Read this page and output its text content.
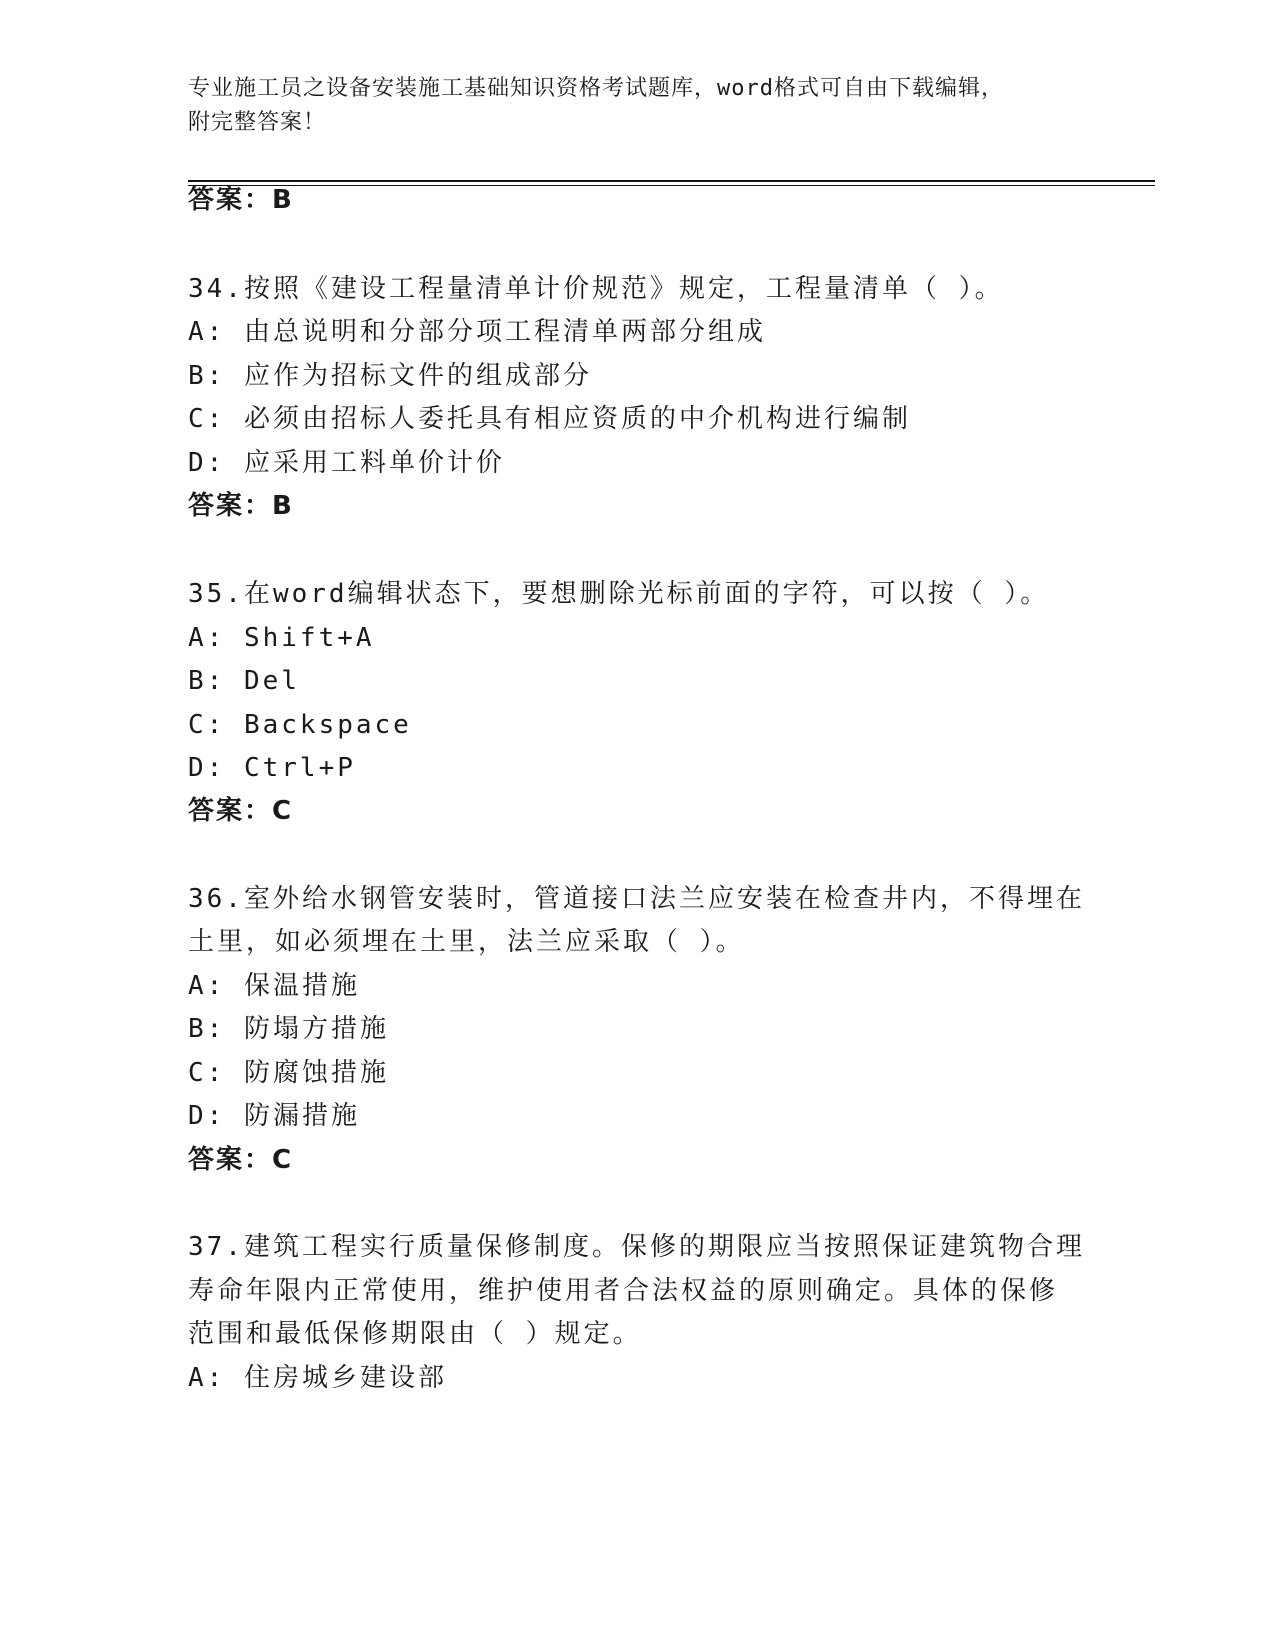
专业施工员之设备安装施工基础知识资格考试题库，word格式可自由下载编辑，
附完整答案！
答案：B
34.按照《建设工程量清单计价规范》规定，工程量清单（ ）。
A: 由总说明和分部分项工程清单两部分组成
B: 应作为招标文件的组成部分
C: 必须由招标人委托具有相应资质的中介机构进行编制
D: 应采用工料单价计价
答案：B
35.在word编辑状态下，要想删除光标前面的字符，可以按（ ）。
A: Shift+A
B: Del
C: Backspace
D: Ctrl+P
答案：C
36.室外给水钢管安装时，管道接口法兰应安装在检查井内，不得埋在
土里，如必须埋在土里，法兰应采取（ ）。
A: 保温措施
B: 防塌方措施
C: 防腐蚀措施
D: 防漏措施
答案：C
37.建筑工程实行质量保修制度。保修的期限应当按照保证建筑物合理
寿命年限内正常使用，维护使用者合法权益的原则确定。具体的保修
范围和最低保修期限由（ ）规定。
A: 住房城乡建设部
